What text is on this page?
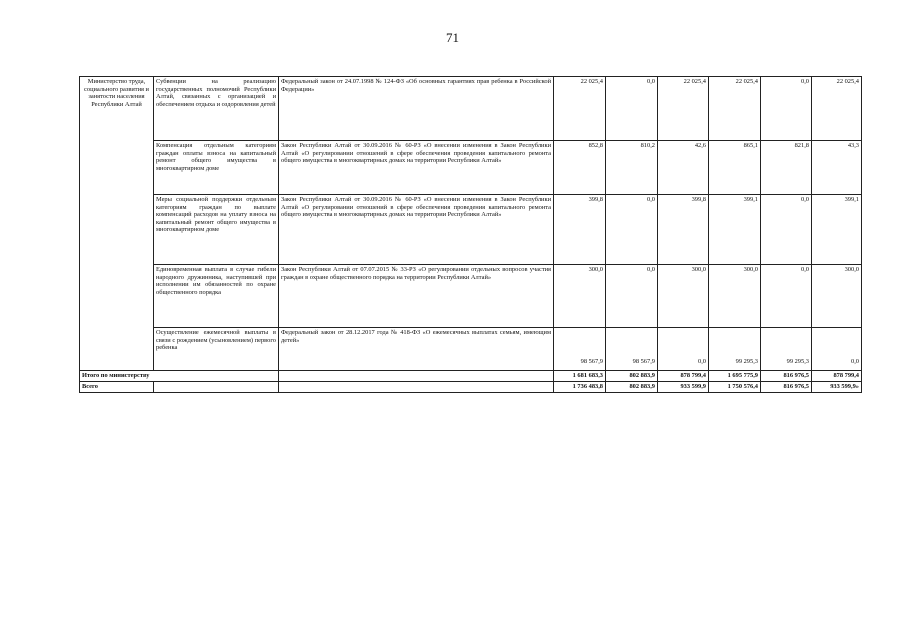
71
Министерство труда, социального развития и занятости населения Республики Алтай	Субвенции на реализацию государственных полномочий Республики Алтай, связанных с организацией и обеспечением отдыха и оздоровления детей	Федеральный закон от 24.07.1998 № 124-ФЗ «Об основных гарантиях прав ребенка в Российской Федерации»	22 025,4	0,0	22 025,4	22 025,4	0,0	22 025,4
	Компенсация отдельным категориям граждан оплаты взноса на капитальный ремонт общего имущества в многоквартирном доме	Закон Республики Алтай от 30.09.2016 № 60-РЗ «О внесении изменения в Закон Республики Алтай «О регулировании отношений в сфере обеспечения проведения капитального ремонта общего имущества в многоквартирных домах на территории Республики Алтай»	852,8	810,2	42,6	865,1	821,8	43,3
	Меры социальной поддержки отдельным категориям граждан по выплате компенсаций расходов на уплату взноса на капитальный ремонт общего имущества в многоквартирном доме	Закон Республики Алтай от 30.09.2016 № 60-РЗ «О внесении изменения в Закон Республики Алтай «О регулировании отношений в сфере обеспечения проведения капитального ремонта общего имущества в многоквартирных домах на территории Республики Алтай»	399,8	0,0	399,8	399,1	0,0	399,1
	Единовременная выплата в случае гибели народного дружинника, наступившей при исполнении им обязанностей по охране общественного порядка	Закон Республики Алтай от 07.07.2015 № 33-РЗ «О регулировании отдельных вопросов участия граждан в охране общественного порядка на территории Республики Алтай»	300,0	0,0	300,0	300,0	0,0	300,0
	Осуществление ежемесячной выплаты в связи с рождением (усыновлением) первого ребенка	Федеральный закон от 28.12.2017 года № 418-ФЗ «О ежемесячных выплатах семьям, имеющим детей»	98 567,9	98 567,9	0,0	99 295,3	99 295,3	0,0
Итого по министерству			1 681 683,3	802 883,9	878 799,4	1 695 775,9	816 976,5	878 799,4
Всего			1 736 483,8	802 883,9	933 599,9	1 750 576,4	816 976,5	933 599,9»
